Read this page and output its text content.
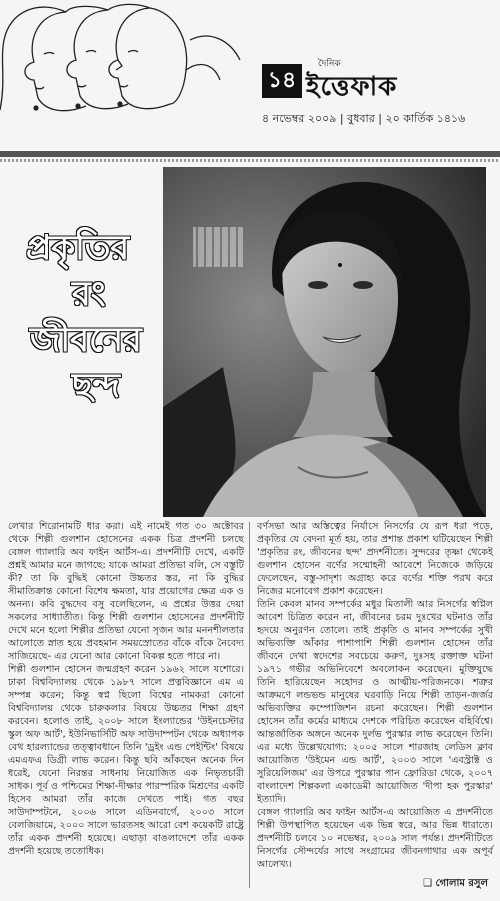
১৪
দৈনিক
ইত্তেফাক
৪ নভেম্বর ২০০৯ | বুধবার | ২০ কার্তিক ১৪১৬
প্রকৃতির
রং
জীবনের
ছন্দ

লেখার শিরোনামটি ধার করা। এই নামেই গত ৩০ অক্টোবর থেকে শিল্পী গুলশান হোসেনের একক চিত্র প্রদর্শনী চলছে বেঙ্গল গ্যালারি অব ফাইন আর্টস-এ। প্রদর্শনীটি দেখে, একটি প্রশ্নই আমার মনে জাগছে: যাকে আমরা প্রতিভা বলি, সে বস্তুটি কী? তা কি বুদ্ধিই কোনো উচ্চতর স্তর, না কি বুদ্ধির সীমাতিক্রান্ত কোনো বিশেষ ক্ষমতা, যার প্রয়োগের ক্ষেত্র এক ও অনন্য। কবি বুদ্ধদেব বসু বলেছিলেন, এ প্রশ্নের উত্তর দেয়া সকলের সাধ্যাতীত। কিন্তু শিল্পী গুলশান হোসেনের প্রদর্শনীটি দেখে মনে হলো শিল্পীর প্রতিভা যেনো সৃজন আর মননশীলতার আলোতে স্নাত হয়ে প্রবহমান সময়স্রোতের বাঁকে বাঁকে নৈবেদ্য সাজিয়েছে- এর যেনো আর কোনো বিকল্প হতে পারে না।

শিল্পী গুলশান হোসেন জন্মগ্রহণ করেন ১৯৬২ সালে যশোরে। ঢাকা বিশ্ববিদ্যালয় থেকে ১৯৮৭ সালে প্রত্নবিজ্ঞানে এম এ সম্পন্ন করেন; কিন্তু স্বপ্ন ছিলো বিশ্বের নামকরা কোনো বিশ্ববিদ্যালয় থেকে চারুকলার বিষয়ে উচ্চতর শিক্ষা গ্রহণ করবেন। হলোও তাই, ২০০৮ সালে ইংল্যান্ডের 'উইনচেস্টার স্কুল অফ আর্ট', ইউনিভার্সিটি অফ সাউদাম্পটন থেকে অধ্যাপক বেথ হারল্যান্ডের তত্ত্বাবধানে তিনি 'ড্রইং এন্ড পেইন্টিং' বিষয়ে এমএফএ ডিগ্রী লাভ করেন। কিন্তু ছবি আঁকছেন অনেক দিন ধরেই, যেনো নিরন্তর সাধনায় নিয়োজিত এক নিভৃতচারী সাধক। পূর্ব ও পশ্চিমের শিক্ষা-দীক্ষার পারস্পরিক মিশ্রণের একটি হিসেব আমরা তাঁর কাজে দেখতে পাই। গত বছর সাউদাম্পটনে, ২০০৬ সালে এডিনবার্গে, ২০০৩ সালে বেলজিয়ামে, ২০০০ সালে ভারতসহ আরো বেশ কয়েকটি রাষ্ট্রে তাঁর একক প্রদর্শনী হয়েছে। এছাড়া বাঙলাদেশে তাঁর একক প্রদর্শনী হয়েছে ততোধিক।

বর্ণসভা আর অস্তিত্বের নির্যাসে নিসর্গের যে রূপ ধরা পড়ে, প্রকৃতির যে বেদনা মূর্ত হয়, তার প্রশান্ত প্রকাশ ঘটিয়েছেন শিল্পী 'প্রকৃতির রং, জীবনের ছন্দ' প্রদর্শনীতে। সুন্দরের তৃষ্ণা থেকেই গুলশান হোসেন বর্ণের সম্মোহনী আবেশে নিজেকে জড়িয়ে ফেলেছেন, বস্তু-সাদৃশ্য অগ্রাহ্য করে বর্ণের শক্তি পরখ করে নিজের মনোবেগ প্রকাশ করেছেন।

তিনি কেবল মানব সম্পর্কের মধুর মিতালী আর নিসর্গের স্বপ্নিল আবেশ চিত্রিত করেন না, জীবনের চরম দুঃখের ঘটনাও তাঁর হৃদয়ে অনুরণন তোলে। তাই প্রকৃতি ও মানব সম্পর্কের সুখী অভিব্যক্তি আঁকার পাশাপাশি শিল্পী গুলশান হোসেন তাঁর জীবনে দেখা স্বদেশের সবচেয়ে করুণ, দুঃসহ রক্তাক্ত ঘটনা ১৯৭১ গভীর অভিনিবেশে অবলোকন করেছেন। মুক্তিযুদ্ধে তিনি হারিয়েছেন সহোদর ও আত্মীয়-পরিজনকে। শত্রুর আক্রমণে লন্ডভন্ড মানুষের ঘরবাড়ি নিয়ে শিল্পী তাড়ন-জর্জর অভিব্যক্তির কম্পোজিশন রচনা করেছেন। শিল্পী গুলশান হোসেন তাঁর কর্মের মাধ্যমে দেশকে পরিচিত করেছেন বহির্বিশ্বে। আন্তর্জাতিক অঙ্গনে অনেক দুর্লভ পুরস্কার লাভ করেছেন তিনি। এর মধ্যে উল্লেখযোগ্য: ২০০৫ সালে শারজাহ লেডিস ক্লাব আয়োজিত 'উইমেন এন্ড আর্ট', ২০০৩ সালে 'এবস্ট্রাক্ট ও সুরিয়েলিজম' এর উপরে পুরস্কার পান ফ্রোরিডা থেকে, ২০০৭ বাংলাদেশ শিল্পকলা একাডেমী আয়োজিত 'দীপা হক পুরস্কার' ইত্যাদি।

বেঙ্গল গ্যালারি অব ফাইন আর্টস-এ আয়োজিত এ প্রদর্শনীতে শিল্পী উপস্থাপিত হয়েছেন এক ভিন্ন স্বরে, আর ভিন্ন ধারাতে। প্রদর্শনীটি চলবে ১০ নভেম্বর, ২০০৯ সাল পর্যন্ত। প্রদর্শনীটিতে নিসর্গের সৌন্দর্যের সাথে সংগ্রামের জীবনগাথার এক অপূর্ব আলেখ্য।

❑ গোলাম রসুল
